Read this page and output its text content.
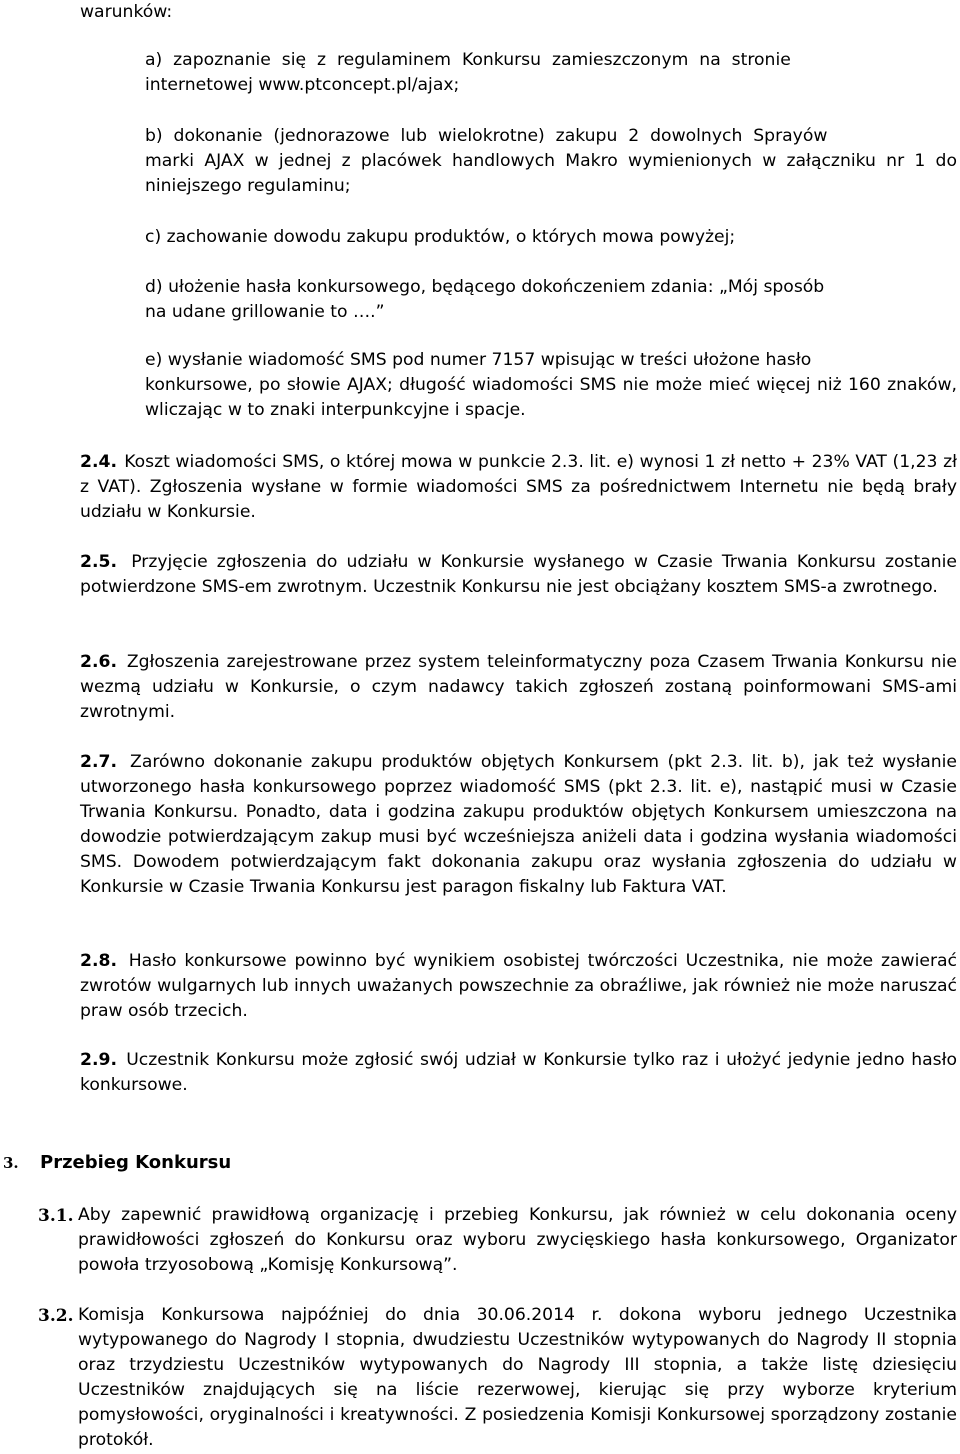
warunków:
a)  zapoznanie  się  z  regulaminem  Konkursu  zamieszczonym  na  stronie
internetowej www.ptconcept.pl/ajax;
b)  dokonanie  (jednorazowe  lub  wielokrotne)  zakupu  2  dowolnych  Sprayów
marki AJAX w jednej z placówek handlowych Makro wymienionych w załączniku nr 1 do niniejszego regulaminu;
c) zachowanie dowodu zakupu produktów, o których mowa powyżej;
d) ułożenie hasła konkursowego, będącego dokończeniem zdania: „Mój sposób
na udane grillowanie to ….”
e) wysłanie wiadomość SMS pod numer 7157 wpisując w treści ułożone hasło
konkursowe, po słowie AJAX; długość wiadomości SMS nie może mieć więcej niż 160 znaków, wliczając w to znaki interpunkcyjne i spacje.
2.4. Koszt wiadomości SMS, o której mowa w punkcie 2.3. lit. e) wynosi 1 zł netto + 23% VAT (1,23 zł z VAT). Zgłoszenia wysłane w formie wiadomości SMS za pośrednictwem Internetu nie będą brały udziału w Konkursie.
2.5. Przyjęcie zgłoszenia do udziału w Konkursie wysłanego w Czasie Trwania Konkursu zostanie potwierdzone SMS-em zwrotnym. Uczestnik Konkursu nie jest obciążany kosztem SMS-a zwrotnego.
2.6. Zgłoszenia zarejestrowane przez system teleinformatyczny poza Czasem Trwania Konkursu nie wezmą udziału w Konkursie, o czym nadawcy takich zgłoszeń zostaną poinformowani SMS-ami zwrotnymi.
2.7. Zarówno dokonanie zakupu produktów objętych Konkursem (pkt 2.3. lit. b), jak też wysłanie utworzonego hasła konkursowego poprzez wiadomość SMS (pkt 2.3. lit. e), nastąpić musi w Czasie Trwania Konkursu. Ponadto, data i godzina zakupu produktów objętych Konkursem umieszczona na dowodzie potwierdzającym zakup musi być wcześniejsza aniżeli data i godzina wysłania wiadomości SMS. Dowodem potwierdzającym fakt dokonania zakupu oraz wysłania zgłoszenia do udziału w Konkursie w Czasie Trwania Konkursu jest paragon fiskalny lub Faktura VAT.
2.8. Hasło konkursowe powinno być wynikiem osobistej twórczości Uczestnika, nie może zawierać zwrotów wulgarnych lub innych uważanych powszechnie za obraźliwe, jak również nie może naruszać praw osób trzecich.
2.9. Uczestnik Konkursu może zgłosić swój udział w Konkursie tylko raz i ułożyć jedynie jedno hasło konkursowe.
3. Przebieg Konkursu
3.1. Aby zapewnić prawidłową organizację i przebieg Konkursu, jak również w celu dokonania oceny prawidłowości zgłoszeń do Konkursu oraz wyboru zwycięskiego hasła konkursowego, Organizator powoła trzyosobową „Komisję Konkursową”.
3.2. Komisja Konkursowa najpóźniej do dnia 30.06.2014 r. dokona wyboru jednego Uczestnika wytypowanego do Nagrody I stopnia, dwudziestu Uczestników wytypowanych do Nagrody II stopnia oraz trzydziestu Uczestników wytypowanych do Nagrody III stopnia, a także listę dziesięciu Uczestników znajdujących się na liście rezerwowej, kierując się przy wyborze kryterium pomysłowości, oryginalności i kreatywności. Z posiedzenia Komisji Konkursowej sporządzony zostanie protokół.
